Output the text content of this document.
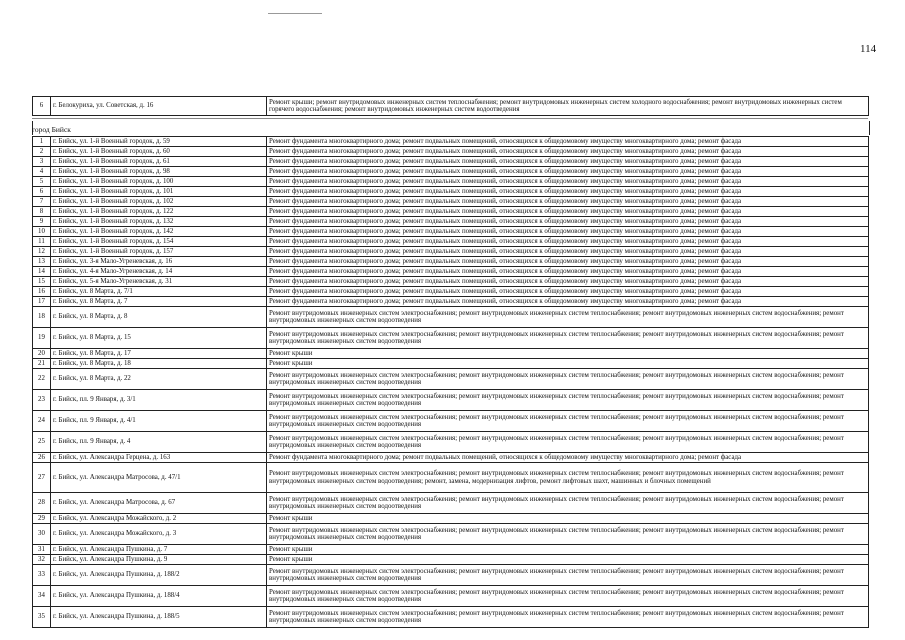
114
6	г. Белокуриха, ул. Советская, д. 16	Ремонт крыши; ремонт внутридомовых инженерных систем теплоснабжения; ремонт внутридомовых инженерных систем холодного водоснабжения; ремонт внутридомовых инженерных систем горячего водоснабжения; ремонт внутридомовых инженерных систем водоотведения
город Бийск
1	г. Бийск, ул. 1-й Военный городок, д. 59	Ремонт фундамента многоквартирного дома; ремонт подвальных помещений, относящихся к общедомовому имуществу многоквартирного дома; ремонт фасада
2	г. Бийск, ул. 1-й Военный городок, д. 60	Ремонт фундамента многоквартирного дома; ремонт подвальных помещений, относящихся к общедомовому имуществу многоквартирного дома; ремонт фасада
3	г. Бийск, ул. 1-й Военный городок, д. 61	Ремонт фундамента многоквартирного дома; ремонт подвальных помещений, относящихся к общедомовому имуществу многоквартирного дома; ремонт фасада
4	г. Бийск, ул. 1-й Военный городок, д. 98	Ремонт фундамента многоквартирного дома; ремонт подвальных помещений, относящихся к общедомовому имуществу многоквартирного дома; ремонт фасада
5	г. Бийск, ул. 1-й Военный городок, д. 100	Ремонт фундамента многоквартирного дома; ремонт подвальных помещений, относящихся к общедомовому имуществу многоквартирного дома; ремонт фасада
6	г. Бийск, ул. 1-й Военный городок, д. 101	Ремонт фундамента многоквартирного дома; ремонт подвальных помещений, относящихся к общедомовому имуществу многоквартирного дома; ремонт фасада
7	г. Бийск, ул. 1-й Военный городок, д. 102	Ремонт фундамента многоквартирного дома; ремонт подвальных помещений, относящихся к общедомовому имуществу многоквартирного дома; ремонт фасада
8	г. Бийск, ул. 1-й Военный городок, д. 122	Ремонт фундамента многоквартирного дома; ремонт подвальных помещений, относящихся к общедомовому имуществу многоквартирного дома; ремонт фасада
9	г. Бийск, ул. 1-й Военный городок, д. 132	Ремонт фундамента многоквартирного дома; ремонт подвальных помещений, относящихся к общедомовому имуществу многоквартирного дома; ремонт фасада
10	г. Бийск, ул. 1-й Военный городок, д. 142	Ремонт фундамента многоквартирного дома; ремонт подвальных помещений, относящихся к общедомовому имуществу многоквартирного дома; ремонт фасада
11	г. Бийск, ул. 1-й Военный городок, д. 154	Ремонт фундамента многоквартирного дома; ремонт подвальных помещений, относящихся к общедомовому имуществу многоквартирного дома; ремонт фасада
12	г. Бийск, ул. 1-й Военный городок, д. 157	Ремонт фундамента многоквартирного дома; ремонт подвальных помещений, относящихся к общедомовому имуществу многоквартирного дома; ремонт фасада
13	г. Бийск, ул. 3-я Мало-Угреневская, д. 16	Ремонт фундамента многоквартирного дома; ремонт подвальных помещений, относящихся к общедомовому имуществу многоквартирного дома; ремонт фасада
14	г. Бийск, ул. 4-я Мало-Угреневская, д. 14	Ремонт фундамента многоквартирного дома; ремонт подвальных помещений, относящихся к общедомовому имуществу многоквартирного дома; ремонт фасада
15	г. Бийск, ул. 5-я Мало-Угреневская, д. 31	Ремонт фундамента многоквартирного дома; ремонт подвальных помещений, относящихся к общедомовому имуществу многоквартирного дома; ремонт фасада
16	г. Бийск, ул. 8 Марта, д. 7/1	Ремонт фундамента многоквартирного дома; ремонт подвальных помещений, относящихся к общедомовому имуществу многоквартирного дома; ремонт фасада
17	г. Бийск, ул. 8 Марта, д. 7	Ремонт фундамента многоквартирного дома; ремонт подвальных помещений, относящихся к общедомовому имуществу многоквартирного дома; ремонт фасада
18	г. Бийск, ул. 8 Марта, д. 8	Ремонт внутридомовых инженерных систем электроснабжения; ремонт внутридомовых инженерных систем теплоснабжения; ремонт внутридомовых инженерных систем водоснабжения; ремонт внутридомовых инженерных систем водоотведения
19	г. Бийск, ул. 8 Марта, д. 15	Ремонт внутридомовых инженерных систем электроснабжения; ремонт внутридомовых инженерных систем теплоснабжения; ремонт внутридомовых инженерных систем водоснабжения; ремонт внутридомовых инженерных систем водоотведения
20	г. Бийск, ул. 8 Марта, д. 17	Ремонт крыши
21	г. Бийск, ул. 8 Марта, д. 18	Ремонт крыши
22	г. Бийск, ул. 8 Марта, д. 22	Ремонт внутридомовых инженерных систем электроснабжения; ремонт внутридомовых инженерных систем теплоснабжения; ремонт внутридомовых инженерных систем водоснабжения; ремонт внутридомовых инженерных систем водоотведения
23	г. Бийск, пл. 9 Января, д. 3/1	Ремонт внутридомовых инженерных систем электроснабжения; ремонт внутридомовых инженерных систем теплоснабжения; ремонт внутридомовых инженерных систем водоснабжения; ремонт внутридомовых инженерных систем водоотведения
24	г. Бийск, пл. 9 Января, д. 4/1	Ремонт внутридомовых инженерных систем электроснабжения; ремонт внутридомовых инженерных систем теплоснабжения; ремонт внутридомовых инженерных систем водоснабжения; ремонт внутридомовых инженерных систем водоотведения
25	г. Бийск, пл. 9 Января, д. 4	Ремонт внутридомовых инженерных систем электроснабжения; ремонт внутридомовых инженерных систем теплоснабжения; ремонт внутридомовых инженерных систем водоснабжения; ремонт внутридомовых инженерных систем водоотведения
26	г. Бийск, ул. Александра Герцена, д. 163	Ремонт фундамента многоквартирного дома; ремонт подвальных помещений, относящихся к общедомовому имуществу многоквартирного дома; ремонт фасада
27	г. Бийск, ул. Александра Матросова, д. 47/1	Ремонт внутридомовых инженерных систем электроснабжения; ремонт внутридомовых инженерных систем теплоснабжения; ремонт внутридомовых инженерных систем водоснабжения; ремонт внутридомовых инженерных систем водоотведения; ремонт, замена, модернизация лифтов, ремонт лифтовых шахт, машинных и блочных помещений
28	г. Бийск, ул. Александра Матросова, д. 67	Ремонт внутридомовых инженерных систем электроснабжения; ремонт внутридомовых инженерных систем теплоснабжения; ремонт внутридомовых инженерных систем водоснабжения; ремонт внутридомовых инженерных систем водоотведения
29	г. Бийск, ул. Александра Можайского, д. 2	Ремонт крыши
30	г. Бийск, ул. Александра Можайского, д. 3	Ремонт внутридомовых инженерных систем электроснабжения; ремонт внутридомовых инженерных систем теплоснабжения; ремонт внутридомовых инженерных систем водоснабжения; ремонт внутридомовых инженерных систем водоотведения
31	г. Бийск, ул. Александра Пушкина, д. 7	Ремонт крыши
32	г. Бийск, ул. Александра Пушкина, д. 9	Ремонт крыши
33	г. Бийск, ул. Александра Пушкина, д. 188/2	Ремонт внутридомовых инженерных систем электроснабжения; ремонт внутридомовых инженерных систем теплоснабжения; ремонт внутридомовых инженерных систем водоснабжения; ремонт внутридомовых инженерных систем водоотведения
34	г. Бийск, ул. Александра Пушкина, д. 188/4	Ремонт внутридомовых инженерных систем электроснабжения; ремонт внутридомовых инженерных систем теплоснабжения; ремонт внутридомовых инженерных систем водоснабжения; ремонт внутридомовых инженерных систем водоотведения
35	г. Бийск, ул. Александра Пушкина, д. 188/5	Ремонт внутридомовых инженерных систем электроснабжения; ремонт внутридомовых инженерных систем теплоснабжения; ремонт внутридомовых инженерных систем водоснабжения; ремонт внутридомовых инженерных систем водоотведения
